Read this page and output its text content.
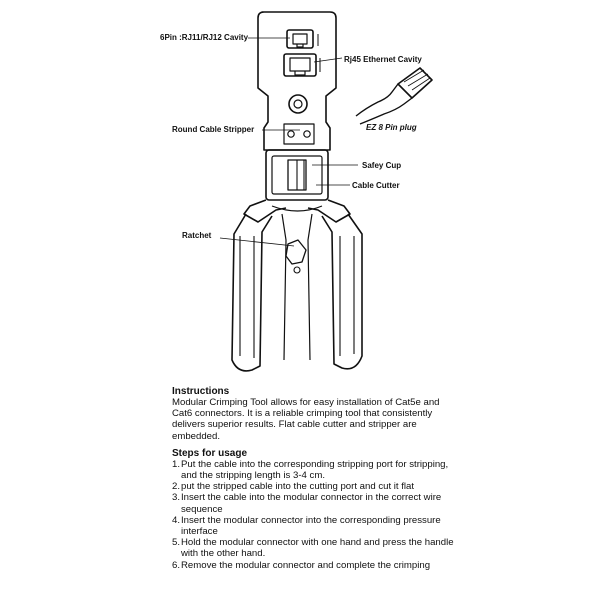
6Pin :RJ11/RJ12 Cavity
Rj45 Ethernet Cavity
EZ 8 Pin plug
Round Cable Stripper
Safey Cup
Cable Cutter
Ratchet
Instructions

Modular Crimping Tool allows for easy installation of Cat5e and Cat6 connectors. It is a reliable crimping tool that consistently delivers superior results. Flat cable cutter and stripper are embedded.

Steps for usage
1. Put the cable into the corresponding stripping port for stripping, and the stripping length is 3-4 cm.
2. put the stripped cable into the cutting port and cut it flat
3. Insert the cable into the modular connector in the correct wire sequence
4. Insert the modular connector into the corresponding pressure interface
5. Hold the modular connector with one hand and press the handle with the other hand.
6. Remove the modular connector and complete the crimping
